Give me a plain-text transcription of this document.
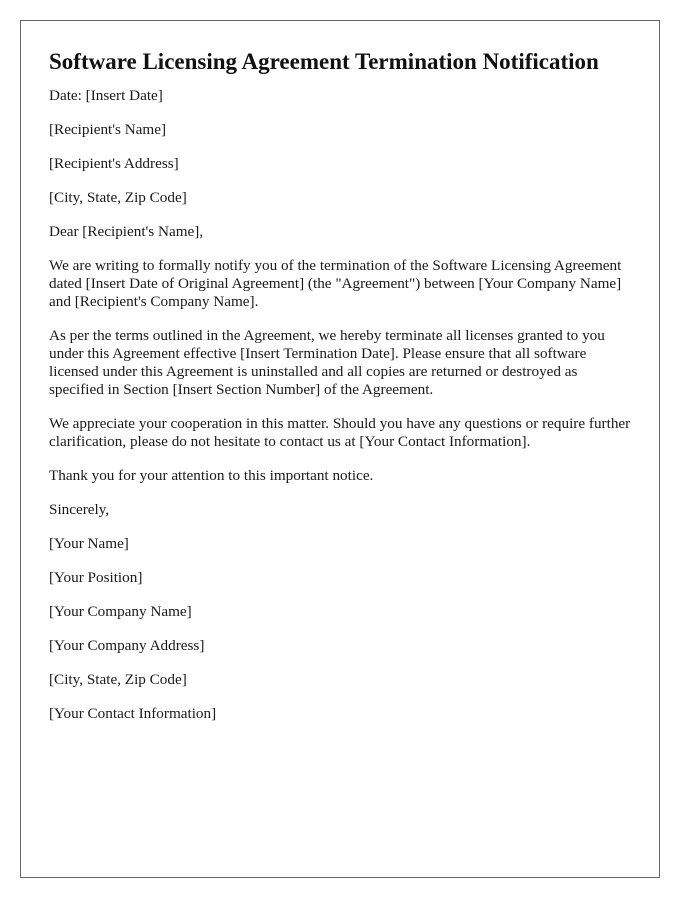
Software Licensing Agreement Termination Notification

Date: [Insert Date]

[Recipient's Name]

[Recipient's Address]

[City, State, Zip Code]

Dear [Recipient's Name],

We are writing to formally notify you of the termination of the Software Licensing Agreement dated [Insert Date of Original Agreement] (the "Agreement") between [Your Company Name] and [Recipient's Company Name].

As per the terms outlined in the Agreement, we hereby terminate all licenses granted to you under this Agreement effective [Insert Termination Date]. Please ensure that all software licensed under this Agreement is uninstalled and all copies are returned or destroyed as specified in Section [Insert Section Number] of the Agreement.

We appreciate your cooperation in this matter. Should you have any questions or require further clarification, please do not hesitate to contact us at [Your Contact Information].

Thank you for your attention to this important notice.

Sincerely,

[Your Name]

[Your Position]

[Your Company Name]

[Your Company Address]

[City, State, Zip Code]

[Your Contact Information]
